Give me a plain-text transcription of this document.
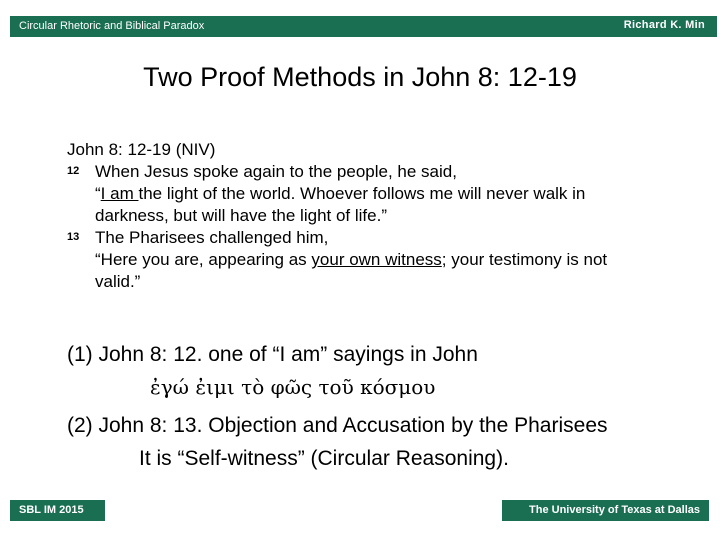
Circular Rhetoric and Biblical Paradox	Richard K. Min
Two Proof Methods in John 8: 12-19
John 8: 12-19 (NIV)
12 When Jesus spoke again to the people, he said,
“I am the light of the world. Whoever follows me will never walk in
darkness, but will have the light of life.”
13 The Pharisees challenged him,
“Here you are, appearing as your own witness; your testimony is not
valid.”
(1) John 8: 12. one of “I am” sayings in John
ἐγώ ἐιμι τὸ φῶς τοῦ κόσμου
(2) John 8: 13. Objection and Accusation by the Pharisees
It is “Self-witness” (Circular Reasoning).
SBL IM 2015	The University of Texas at Dallas
